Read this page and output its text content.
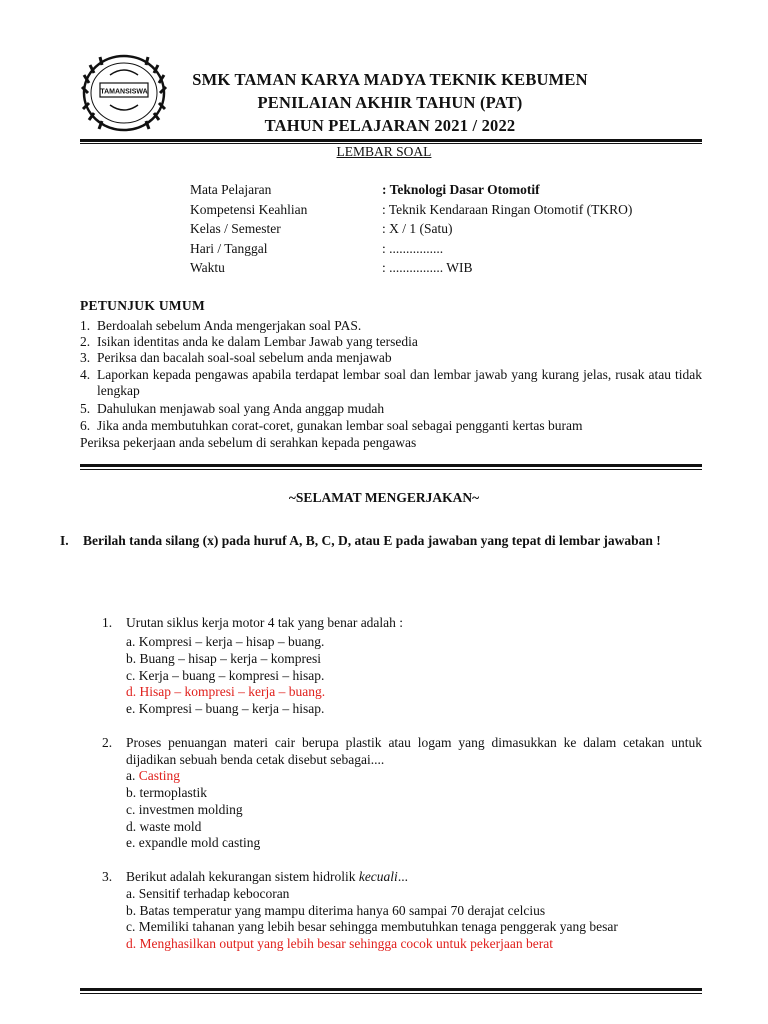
TAMANSISWA
SMK TAMAN KARYA MADYA TEKNIK KEBUMEN
PENILAIAN AKHIR TAHUN (PAT)
TAHUN PELAJARAN 2021 / 2022
LEMBAR SOAL
Mata Pelajaran	: Teknologi Dasar Otomotif
Kompetensi Keahlian	: Teknik Kendaraan Ringan Otomotif (TKRO)
Kelas / Semester	: X / 1 (Satu)
Hari / Tanggal	: ................
Waktu	: ................ WIB
PETUNJUK UMUM
1. Berdoalah sebelum Anda mengerjakan soal PAS.
2. Isikan identitas anda ke dalam Lembar Jawab yang tersedia
3. Periksa dan bacalah soal-soal sebelum anda menjawab
4. Laporkan kepada pengawas apabila terdapat lembar soal dan lembar jawab yang kurang jelas, rusak atau tidak lengkap
5. Dahulukan menjawab soal yang Anda anggap mudah
6. Jika anda membutuhkan corat-coret, gunakan lembar soal sebagai pengganti kertas buram
Periksa pekerjaan anda sebelum di serahkan kepada pengawas
~SELAMAT MENGERJAKAN~
I. Berilah tanda silang (x) pada huruf A, B, C, D, atau E pada jawaban yang tepat di lembar jawaban !
1. Urutan siklus kerja motor 4 tak yang benar adalah :
a. Kompresi – kerja – hisap – buang.
b. Buang – hisap – kerja – kompresi
c. Kerja – buang – kompresi – hisap.
d. Hisap – kompresi – kerja – buang.
e. Kompresi – buang – kerja – hisap.
2. Proses penuangan materi cair berupa plastik atau logam yang dimasukkan ke dalam cetakan untuk dijadikan sebuah benda cetak disebut sebagai....
a. Casting
b. termoplastik
c. investmen molding
d. waste mold
e. expandle mold casting
3. Berikut adalah kekurangan sistem hidrolik kecuali...
a. Sensitif terhadap kebocoran
b. Batas temperatur yang mampu diterima hanya 60 sampai 70 derajat celcius
c. Memiliki tahanan yang lebih besar sehingga membutuhkan tenaga penggerak yang besar
d. Menghasilkan output yang lebih besar sehingga cocok untuk pekerjaan berat
